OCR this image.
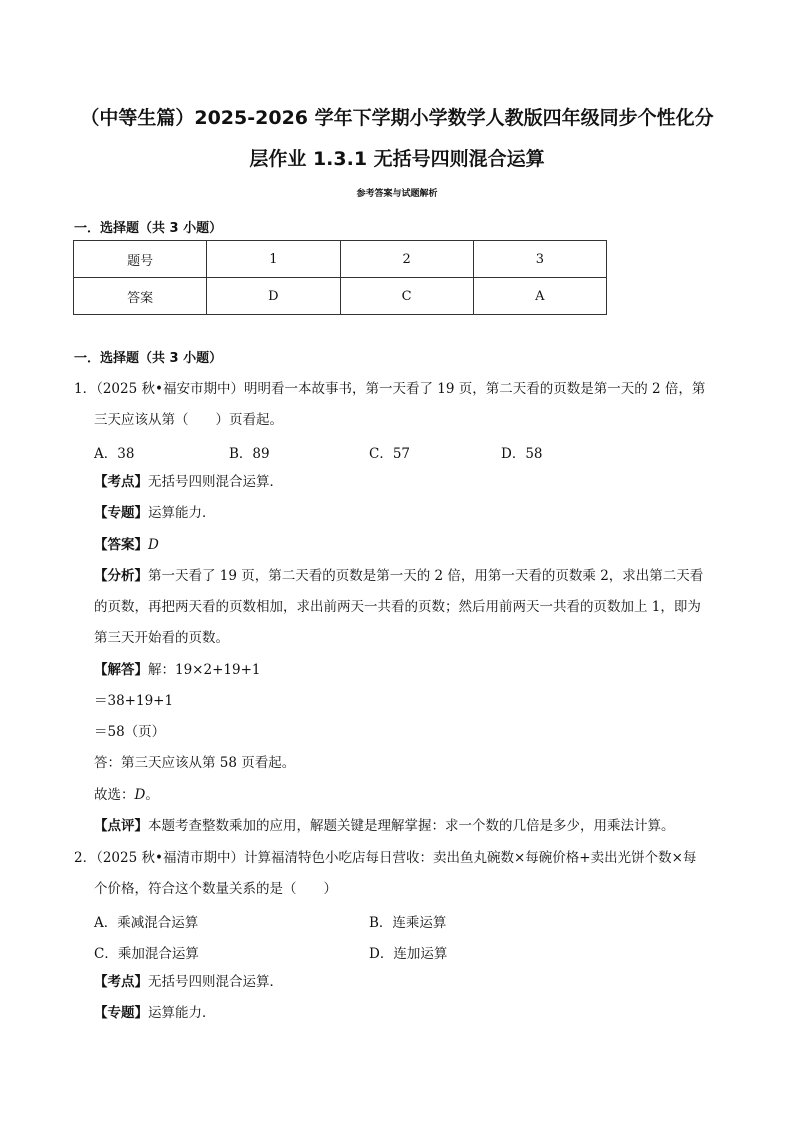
（中等生篇）2025-2026 学年下学期小学数学人教版四年级同步个性化分
层作业 1.3.1 无括号四则混合运算
参考答案与试题解析
一．选择题（共 3 小题）
题号	1	2	3
答案	D	C	A
一．选择题（共 3 小题）
1．（2025 秋•福安市期中）明明看一本故事书，第一天看了 19 页，第二天看的页数是第一天的 2 倍，第
三天应该从第（　　）页看起。
A．38	B．89	C．57	D．58
【考点】无括号四则混合运算．
【专题】运算能力．
【答案】D
【分析】第一天看了 19 页，第二天看的页数是第一天的 2 倍，用第一天看的页数乘 2，求出第二天看
的页数，再把两天看的页数相加，求出前两天一共看的页数；然后用前两天一共看的页数加上 1，即为
第三天开始看的页数。
【解答】解：19×2+19+1
＝38+19+1
＝58（页）
答：第三天应该从第 58 页看起。
故选：D。
【点评】本题考查整数乘加的应用，解题关键是理解掌握：求一个数的几倍是多少，用乘法计算。
2．（2025 秋•福清市期中）计算福清特色小吃店每日营收：卖出鱼丸碗数×每碗价格+卖出光饼个数×每
个价格，符合这个数量关系的是（　　）
A．乘减混合运算	B．连乘运算
C．乘加混合运算	D．连加运算
【考点】无括号四则混合运算．
【专题】运算能力．
